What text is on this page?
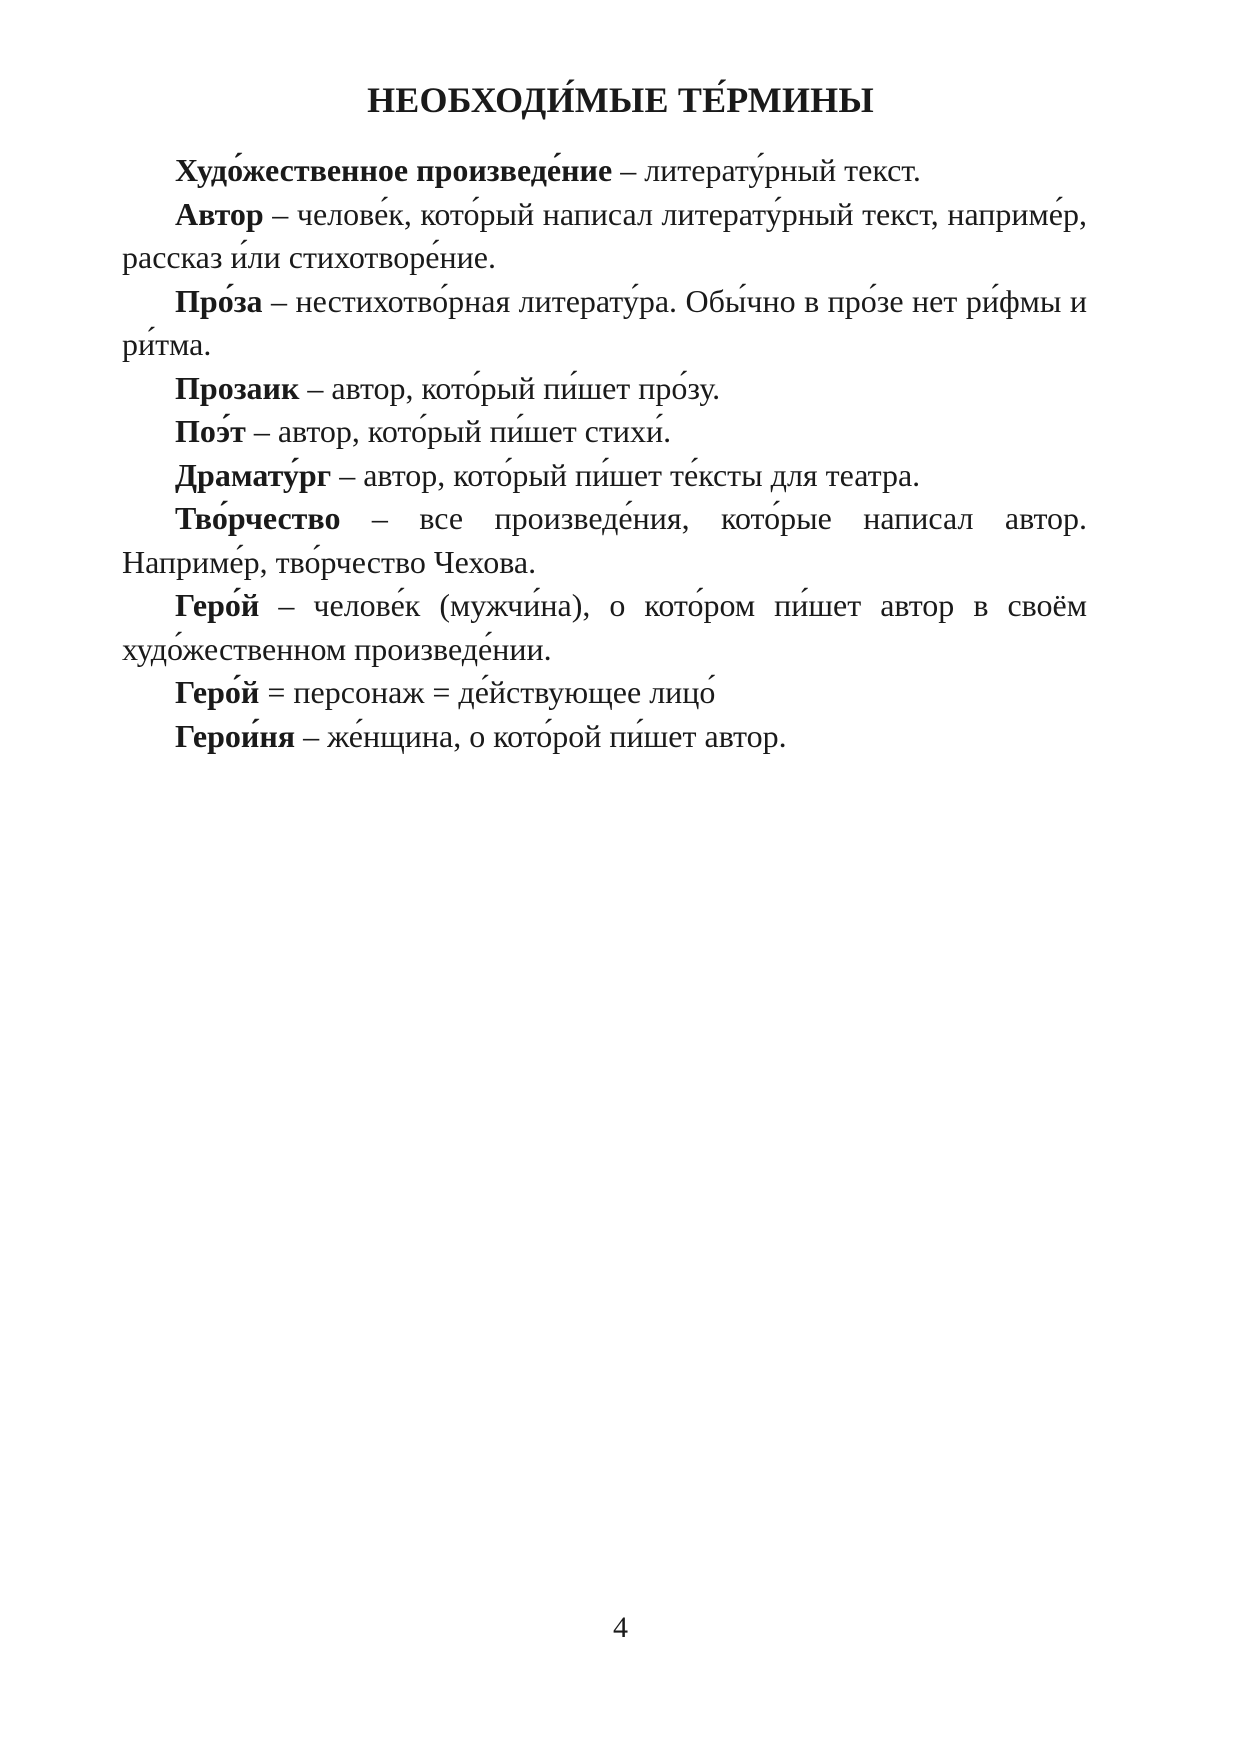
НЕОБХОДИ́МЫЕ ТЕ́РМИНЫ

Худо́жественное произведе́ние – литерату́рный текст.

Автор – челове́к, кото́рый написал литерату́рный текст, наприме́р, рассказ и́ли стихотворе́ние.

Про́за – нестихотво́рная литерату́ра. Обы́чно в про́зе нет ри́фмы и ри́тма.

Прозаик – автор, кото́рый пи́шет про́зу.

Поэ́т – автор, кото́рый пи́шет стихи́.

Драмату́рг – автор, кото́рый пи́шет те́ксты для театра.

Тво́рчество – все произведе́ния, кото́рые написал автор. Наприме́р, тво́рчество Чехова.

Геро́й – челове́к (мужчи́на), о кото́ром пи́шет автор в своём худо́жественном произведе́нии.

Геро́й = персонаж = де́йствующее лицо́

Герои́ня – же́нщина, о кото́рой пи́шет автор.

4
